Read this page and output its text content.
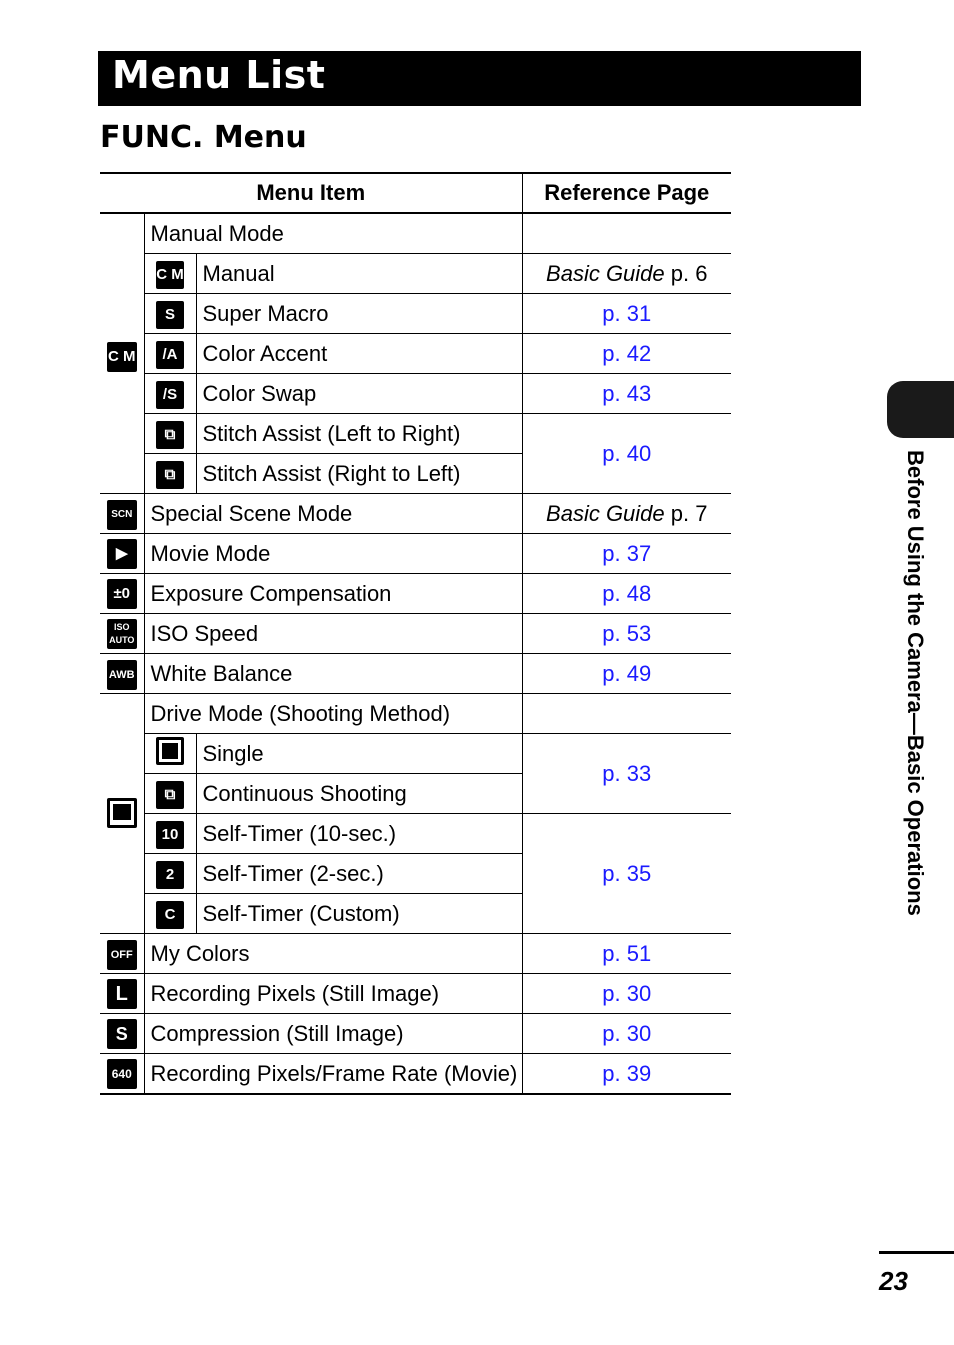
Menu List
FUNC. Menu
Menu Item			Reference Page
C M	Manual Mode		
	C M	Manual	Basic Guide p. 6
	S	Super Macro	p. 31
	/A	Color Accent	p. 42
	/S	Color Swap	p. 43
	⧉	Stitch Assist (Left to Right)	p. 40
	⧉	Stitch Assist (Right to Left)	
SCN	Special Scene Mode		Basic Guide p. 7
▶	Movie Mode		p. 37
±0	Exposure Compensation		p. 48
ISO AUTO	ISO Speed		p. 53
AWB	White Balance		p. 49
	Drive Mode (Shooting Method)		
		Single	p. 33
	⧉	Continuous Shooting	
	10	Self-Timer (10-sec.)	p. 35
	2	Self-Timer (2-sec.)	
	C	Self-Timer (Custom)	
OFF	My Colors		p. 51
L	Recording Pixels (Still Image)		p. 30
S	Compression (Still Image)		p. 30
640	Recording Pixels/Frame Rate (Movie)		p. 39
Before Using the Camera—Basic Operations
23
